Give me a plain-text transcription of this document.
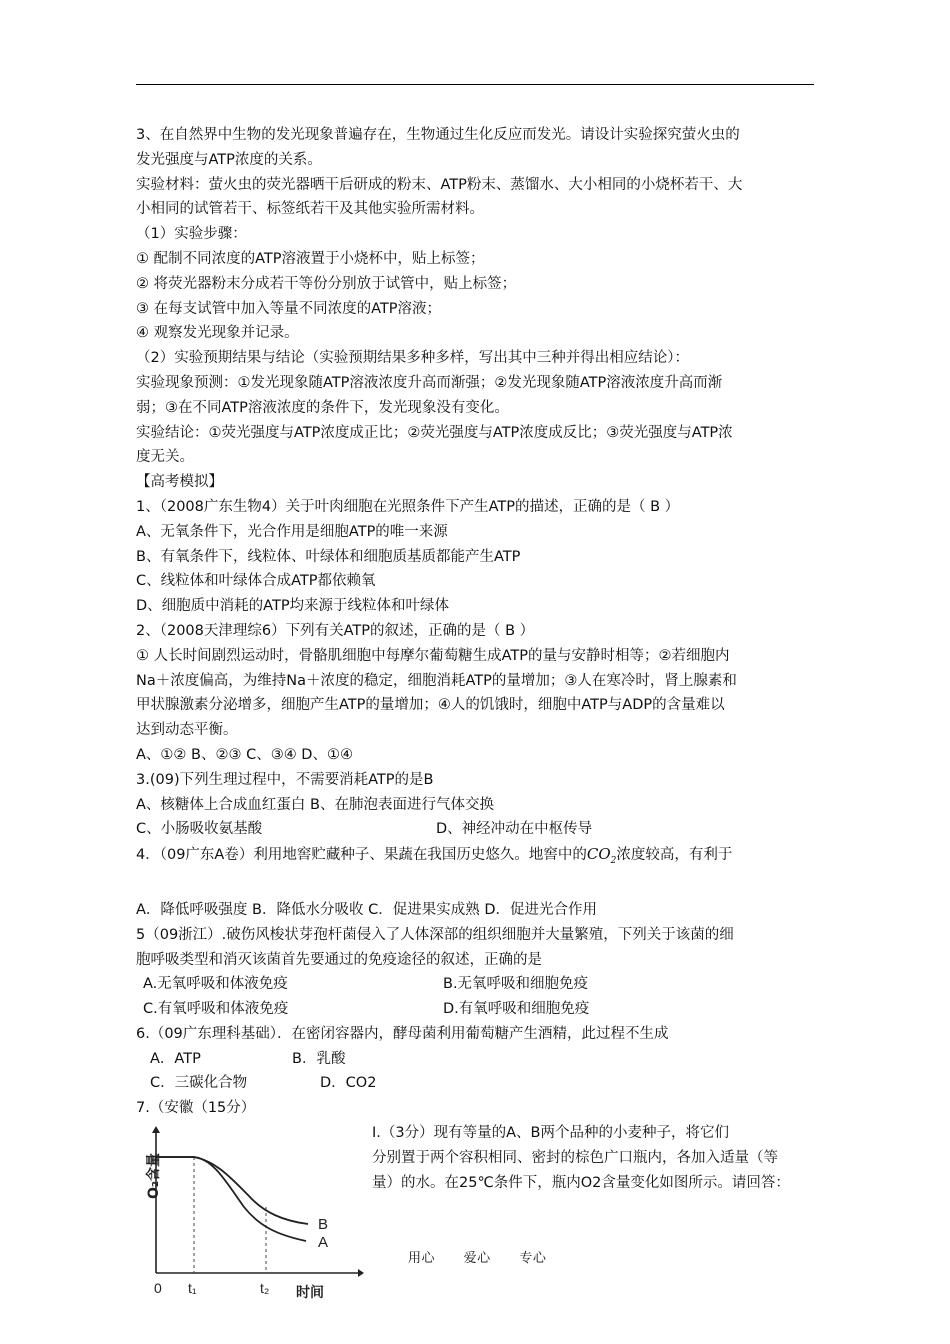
3、在自然界中生物的发光现象普遍存在，生物通过生化反应而发光。请设计实验探究萤火虫的
发光强度与ATP浓度的关系。
实验材料：萤火虫的荧光器晒干后研成的粉末、ATP粉末、蒸馏水、大小相同的小烧杯若干、大
小相同的试管若干、标签纸若干及其他实验所需材料。
（1）实验步骤：
① 配制不同浓度的ATP溶液置于小烧杯中，贴上标签；
② 将荧光器粉末分成若干等份分别放于试管中，贴上标签；
③ 在每支试管中加入等量不同浓度的ATP溶液；
④ 观察发光现象并记录。
（2）实验预期结果与结论（实验预期结果多种多样，写出其中三种并得出相应结论）：
实验现象预测：①发光现象随ATP溶液浓度升高而渐强；②发光现象随ATP溶液浓度升高而渐
弱；③在不同ATP溶液浓度的条件下，发光现象没有变化。
实验结论：①荧光强度与ATP浓度成正比；②荧光强度与ATP浓度成反比；③荧光强度与ATP浓
度无关。
【高考模拟】
1、（2008广东生物4）关于叶肉细胞在光照条件下产生ATP的描述，正确的是（ B ）
A、无氧条件下，光合作用是细胞ATP的唯一来源
B、有氧条件下，线粒体、叶绿体和细胞质基质都能产生ATP
C、线粒体和叶绿体合成ATP都依赖氧
D、细胞质中消耗的ATP均来源于线粒体和叶绿体
2、（2008天津理综6）下列有关ATP的叙述，正确的是（ B ）
① 人长时间剧烈运动时，骨骼肌细胞中每摩尔葡萄糖生成ATP的量与安静时相等；②若细胞内
Na＋浓度偏高，为维持Na＋浓度的稳定，细胞消耗ATP的量增加；③人在寒冷时，肾上腺素和
甲状腺激素分泌增多，细胞产生ATP的量增加；④人的饥饿时，细胞中ATP与ADP的含量难以
达到动态平衡。
A、①② B、②③ C、③④ D、①④
3.(09)下列生理过程中，不需要消耗ATP的是B
A、核糖体上合成血红蛋白 B、在肺泡表面进行气体交换
C、小肠吸收氨基酸	D、神经冲动在中枢传导
4．（09广东A卷）利用地窖贮藏种子、果蔬在我国历史悠久。地窖中的$CO_2$浓度较高，有利于
A．降低呼吸强度 B．降低水分吸收 C．促进果实成熟 D．促进光合作用
5（09浙江）.破伤风梭状芽孢杆菌侵入了人体深部的组织细胞并大量繁殖，下列关于该菌的细
胞呼吸类型和消灭该菌首先要通过的免疫途径的叙述，正确的是
A.无氧呼吸和体液免疫	B.无氧呼吸和细胞免疫
C.有氧呼吸和体液免疫	D.有氧呼吸和细胞免疫
6.（09广东理科基础）．在密闭容器内，酵母菌利用葡萄糖产生酒精，此过程不生成
A．ATP	B．乳酸
C．三碳化合物	D．CO2
7.（安徽（15分）
B
A
O₂含量
0 t₁	t₂ 时间
Ⅰ.（3分）现有等量的A、B两个品种的小麦种子，将它们
分别置于两个容积相同、密封的棕色广口瓶内，各加入适量（等
量）的水。在25℃条件下，瓶内O2含量变化如图所示。请回答：
用心 爱心 专心
